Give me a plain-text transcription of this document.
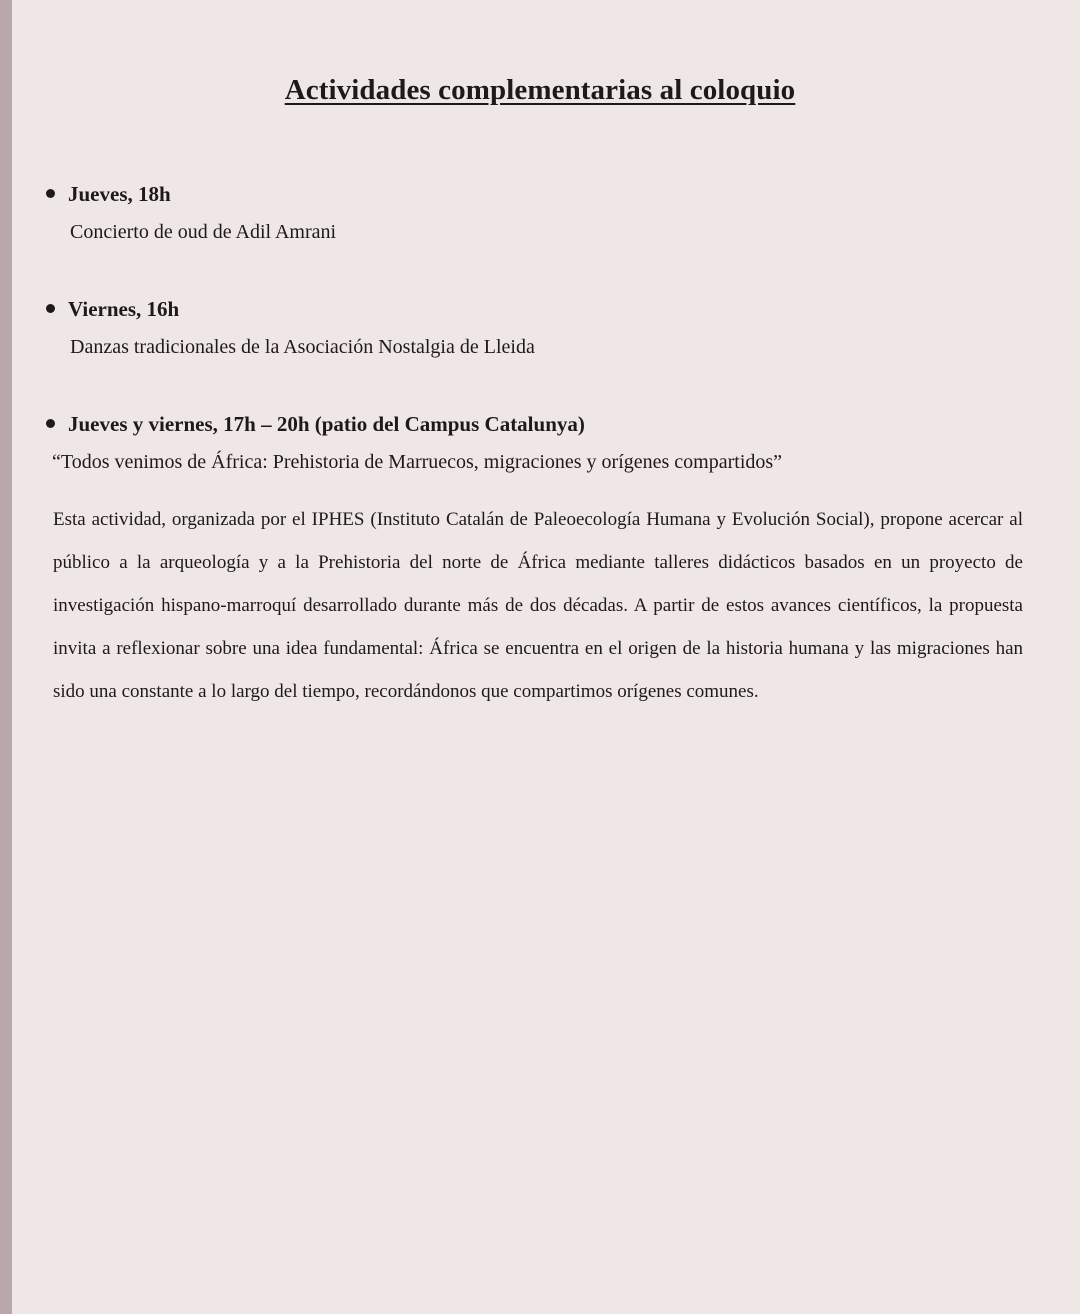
Actividades complementarias al coloquio
Jueves, 18h
Concierto de oud de Adil Amrani
Viernes, 16h
Danzas tradicionales de la Asociación Nostalgia de Lleida
Jueves y viernes, 17h – 20h (patio del Campus Catalunya)
“Todos venimos de África: Prehistoria de Marruecos, migraciones y orígenes compartidos”
Esta actividad, organizada por el IPHES (Instituto Catalán de Paleoecología Humana y Evolución Social), propone acercar al público a la arqueología y a la Prehistoria del norte de África mediante talleres didácticos basados en un proyecto de investigación hispano-marroquí desarrollado durante más de dos décadas. A partir de estos avances científicos, la propuesta invita a reflexionar sobre una idea fundamental: África se encuentra en el origen de la historia humana y las migraciones han sido una constante a lo largo del tiempo, recordándonos que compartimos orígenes comunes.
